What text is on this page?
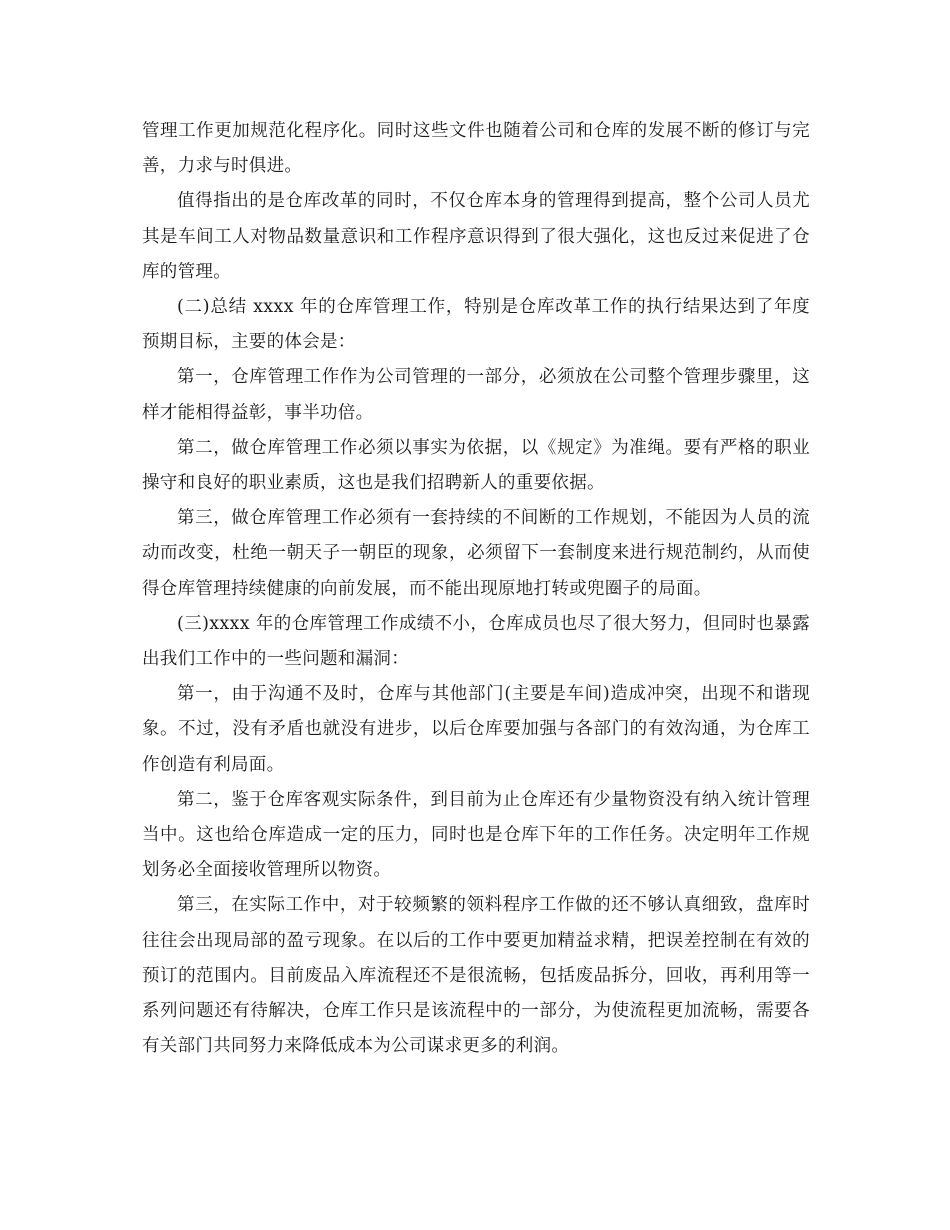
管理工作更加规范化程序化。同时这些文件也随着公司和仓库的发展不断的修订与完善，力求与时俱进。

值得指出的是仓库改革的同时，不仅仓库本身的管理得到提高，整个公司人员尤其是车间工人对物品数量意识和工作程序意识得到了很大强化，这也反过来促进了仓库的管理。

(二)总结 xxxx 年的仓库管理工作，特别是仓库改革工作的执行结果达到了年度预期目标，主要的体会是：

第一，仓库管理工作作为公司管理的一部分，必须放在公司整个管理步骤里，这样才能相得益彰，事半功倍。

第二，做仓库管理工作必须以事实为依据，以《规定》为准绳。要有严格的职业操守和良好的职业素质，这也是我们招聘新人的重要依据。

第三，做仓库管理工作必须有一套持续的不间断的工作规划，不能因为人员的流动而改变，杜绝一朝天子一朝臣的现象，必须留下一套制度来进行规范制约，从而使得仓库管理持续健康的向前发展，而不能出现原地打转或兜圈子的局面。

(三)xxxx 年的仓库管理工作成绩不小，仓库成员也尽了很大努力，但同时也暴露出我们工作中的一些问题和漏洞：

第一，由于沟通不及时，仓库与其他部门(主要是车间)造成冲突，出现不和谐现象。不过，没有矛盾也就没有进步，以后仓库要加强与各部门的有效沟通，为仓库工作创造有利局面。

第二，鉴于仓库客观实际条件，到目前为止仓库还有少量物资没有纳入统计管理当中。这也给仓库造成一定的压力，同时也是仓库下年的工作任务。决定明年工作规划务必全面接收管理所以物资。

第三，在实际工作中，对于较频繁的领料程序工作做的还不够认真细致，盘库时往往会出现局部的盈亏现象。在以后的工作中要更加精益求精，把误差控制在有效的预订的范围内。目前废品入库流程还不是很流畅，包括废品拆分，回收，再利用等一系列问题还有待解决，仓库工作只是该流程中的一部分，为使流程更加流畅，需要各有关部门共同努力来降低成本为公司谋求更多的利润。
